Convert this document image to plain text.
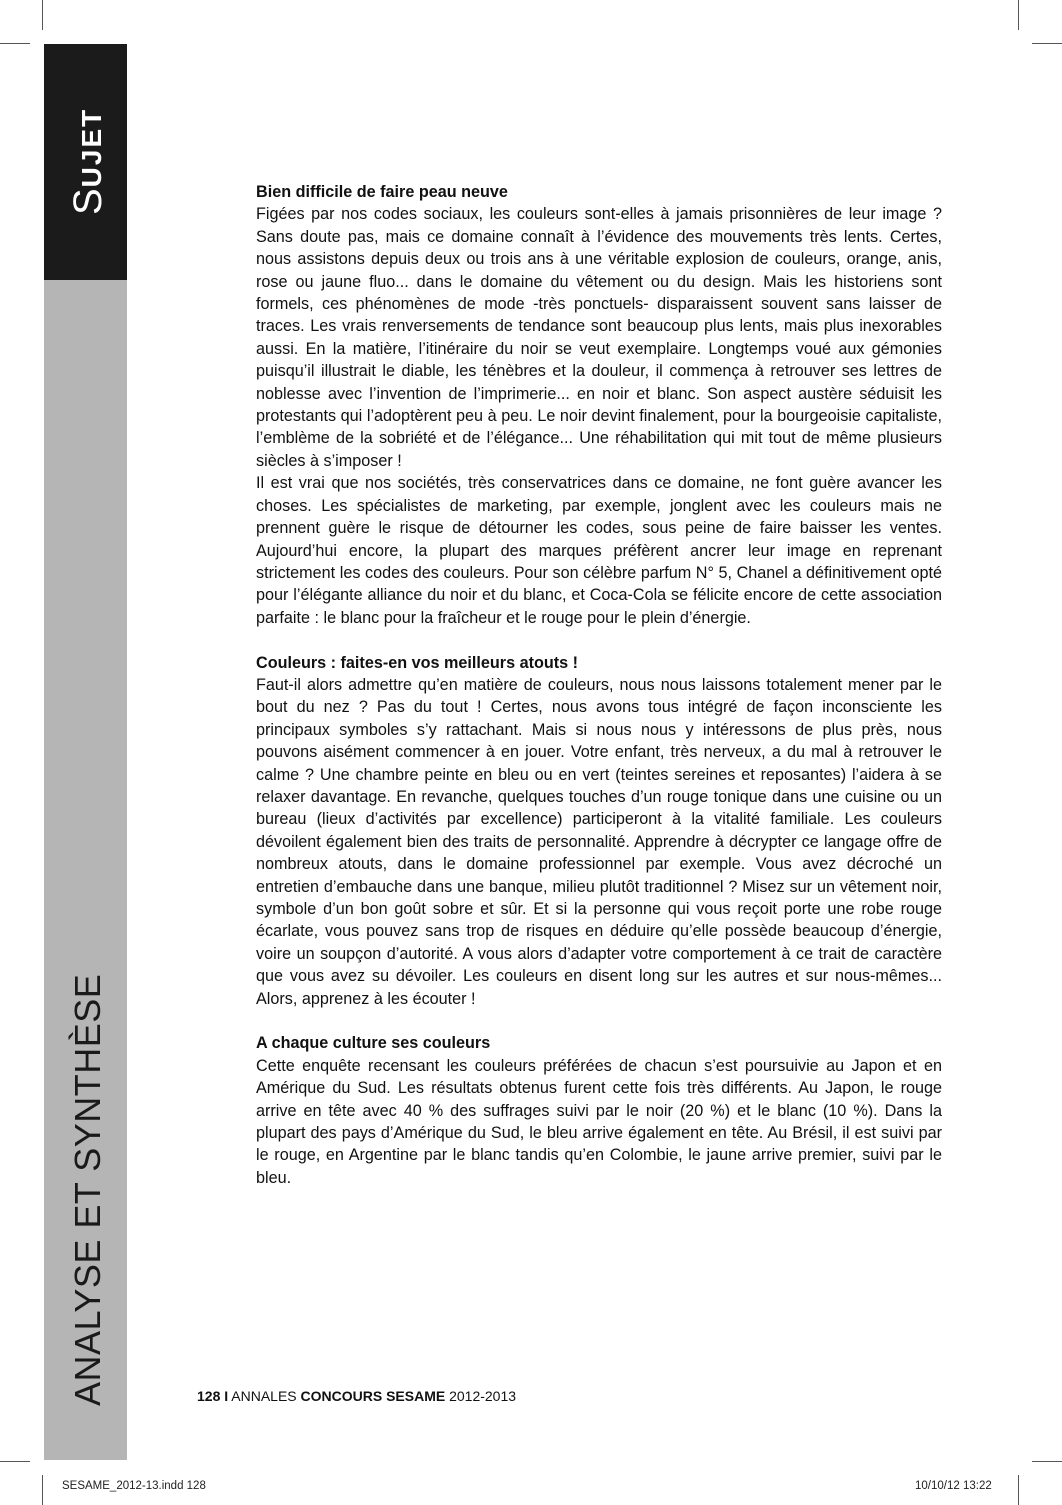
SUJET
ANALYSE ET SYNTHÈSE
Bien difficile de faire peau neuve

Figées par nos codes sociaux, les couleurs sont-elles à jamais prisonnières de leur image ? Sans doute pas, mais ce domaine connaît à l’évidence des mouvements très lents. Certes, nous assistons depuis deux ou trois ans à une véritable explosion de couleurs, orange, anis, rose ou jaune fluo... dans le domaine du vêtement ou du design. Mais les historiens sont formels, ces phénomènes de mode -très ponctuels- disparaissent souvent sans laisser de traces. Les vrais renversements de tendance sont beaucoup plus lents, mais plus inexorables aussi. En la matière, l’itinéraire du noir se veut exemplaire. Longtemps voué aux gémonies puisqu’il illustrait le diable, les ténèbres et la douleur, il commença à retrouver ses lettres de noblesse avec l’invention de l’imprimerie... en noir et blanc. Son aspect austère séduisit les protestants qui l’adoptèrent peu à peu. Le noir devint finalement, pour la bourgeoisie capitaliste, l’emblème de la sobriété et de l’élégance... Une réhabilitation qui mit tout de même plusieurs siècles à s’imposer !

Il est vrai que nos sociétés, très conservatrices dans ce domaine, ne font guère avancer les choses. Les spécialistes de marketing, par exemple, jonglent avec les couleurs mais ne prennent guère le risque de détourner les codes, sous peine de faire baisser les ventes. Aujourd’hui encore, la plupart des marques préfèrent ancrer leur image en reprenant strictement les codes des couleurs. Pour son célèbre parfum N° 5, Chanel a définitivement opté pour l’élégante alliance du noir et du blanc, et Coca-Cola se félicite encore de cette association parfaite : le blanc pour la fraîcheur et le rouge pour le plein d’énergie.

Couleurs : faites-en vos meilleurs atouts !

Faut-il alors admettre qu’en matière de couleurs, nous nous laissons totalement mener par le bout du nez ? Pas du tout ! Certes, nous avons tous intégré de façon inconsciente les principaux symboles s’y rattachant. Mais si nous nous y intéressons de plus près, nous pouvons aisément commencer à en jouer. Votre enfant, très nerveux, a du mal à retrouver le calme ? Une chambre peinte en bleu ou en vert (teintes sereines et reposantes) l’aidera à se relaxer davantage. En revanche, quelques touches d’un rouge tonique dans une cuisine ou un bureau (lieux d’activités par excellence) participeront à la vitalité familiale. Les couleurs dévoilent également bien des traits de personnalité. Apprendre à décrypter ce langage offre de nombreux atouts, dans le domaine professionnel par exemple. Vous avez décroché un entretien d’embauche dans une banque, milieu plutôt traditionnel ? Misez sur un vêtement noir, symbole d’un bon goût sobre et sûr. Et si la personne qui vous reçoit porte une robe rouge écarlate, vous pouvez sans trop de risques en déduire qu’elle possède beaucoup d’énergie, voire un soupçon d’autorité. A vous alors d’adapter votre comportement à ce trait de caractère que vous avez su dévoiler. Les couleurs en disent long sur les autres et sur nous-mêmes... Alors, apprenez à les écouter !

A chaque culture ses couleurs

Cette enquête recensant les couleurs préférées de chacun s’est poursuivie au Japon et en Amérique du Sud. Les résultats obtenus furent cette fois très différents. Au Japon, le rouge arrive en tête avec 40 % des suffrages suivi par le noir (20 %) et le blanc (10 %). Dans la plupart des pays d’Amérique du Sud, le bleu arrive également en tête. Au Brésil, il est suivi par le rouge, en Argentine par le blanc tandis qu’en Colombie, le jaune arrive premier, suivi par le bleu.

128 I ANNALES CONCOURS SESAME 2012-2013
SESAME_2012-13.indd 128	10/10/12 13:22
